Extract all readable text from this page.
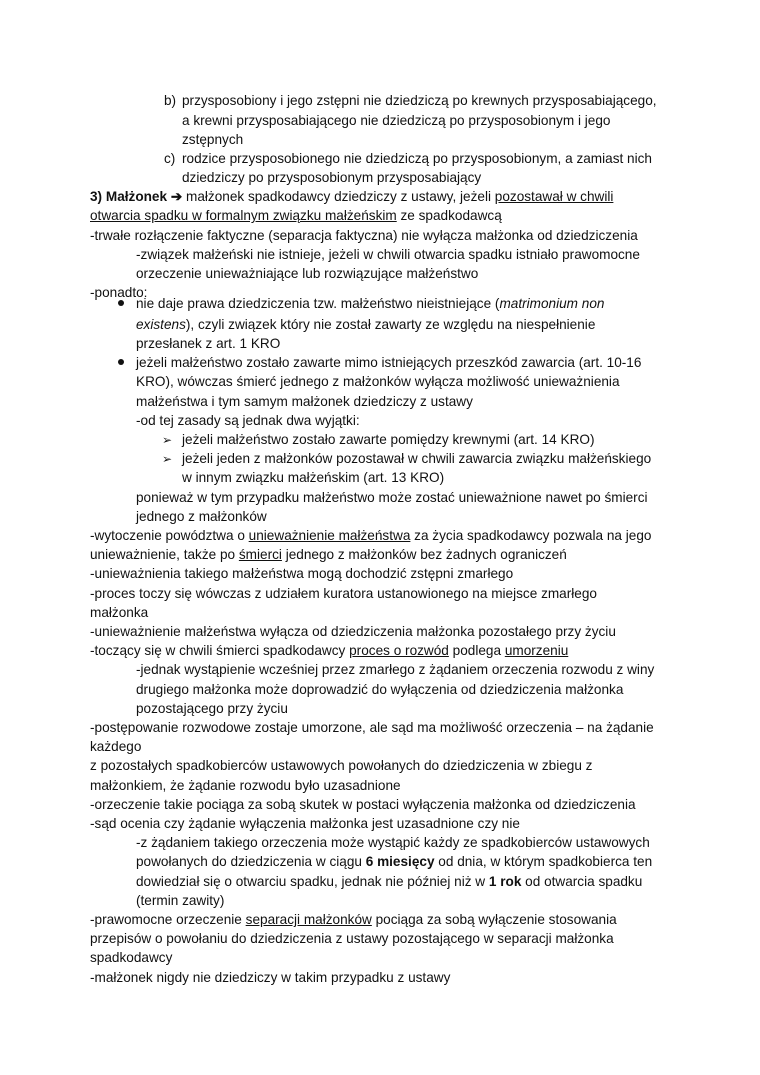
b) przysposobiony i jego zstępni nie dziedziczą po krewnych przysposabiającego,
a krewni przysposabiającego nie dziedziczą po przysposobionym i jego
zstępnych
c) rodzice przysposobionego nie dziedziczą po przysposobionym, a zamiast nich
dziedziczy po przysposobionym przysposabiający
3) Małżonek ➔ małżonek spadkodawcy dziedziczy z ustawy, jeżeli pozostawał w chwili
otwarcia spadku w formalnym związku małżeńskim ze spadkodawcą
-trwałe rozłączenie faktyczne (separacja faktyczna) nie wyłącza małżonka od dziedziczenia
-związek małżeński nie istnieje, jeżeli w chwili otwarcia spadku istniało prawomocne
orzeczenie unieważniające lub rozwiązujące małżeństwo
-ponadto:
nie daje prawa dziedziczenia tzw. małżeństwo nieistniejące (matrimonium non
existens), czyli związek który nie został zawarty ze względu na niespełnienie
przesłanek z art. 1 KRO
jeżeli małżeństwo zostało zawarte mimo istniejących przeszkód zawarcia (art. 10-16
KRO), wówczas śmierć jednego z małżonków wyłącza możliwość unieważnienia
małżeństwa i tym samym małżonek dziedziczy z ustawy
-od tej zasady są jednak dwa wyjątki:
➢ jeżeli małżeństwo zostało zawarte pomiędzy krewnymi (art. 14 KRO)
➢ jeżeli jeden z małżonków pozostawał w chwili zawarcia związku małżeńskiego
w innym związku małżeńskim (art. 13 KRO)
ponieważ w tym przypadku małżeństwo może zostać unieważnione nawet po śmierci
jednego z małżonków
-wytoczenie powództwa o unieważnienie małżeństwa za życia spadkodawcy pozwala na jego
unieważnienie, także po śmierci jednego z małżonków bez żadnych ograniczeń
-unieważnienia takiego małżeństwa mogą dochodzić zstępni zmarłego
-proces toczy się wówczas z udziałem kuratora ustanowionego na miejsce zmarłego
małżonka
-unieważnienie małżeństwa wyłącza od dziedziczenia małżonka pozostałego przy życiu
-toczący się w chwili śmierci spadkodawcy proces o rozwód podlega umorzeniu
-jednak wystąpienie wcześniej przez zmarłego z żądaniem orzeczenia rozwodu z winy
drugiego małżonka może doprowadzić do wyłączenia od dziedziczenia małżonka
pozostającego przy życiu
-postępowanie rozwodowe zostaje umorzone, ale sąd ma możliwość orzeczenia – na żądanie
każdego
z pozostałych spadkobierców ustawowych powołanych do dziedziczenia w zbiegu z
małżonkiem, że żądanie rozwodu było uzasadnione
-orzeczenie takie pociąga za sobą skutek w postaci wyłączenia małżonka od dziedziczenia
-sąd ocenia czy żądanie wyłączenia małżonka jest uzasadnione czy nie
-z żądaniem takiego orzeczenia może wystąpić każdy ze spadkobierców ustawowych
powołanych do dziedziczenia w ciągu 6 miesięcy od dnia, w którym spadkobierca ten
dowiedział się o otwarciu spadku, jednak nie później niż w 1 rok od otwarcia spadku
(termin zawity)
-prawomocne orzeczenie separacji małżonków pociąga za sobą wyłączenie stosowania
przepisów o powołaniu do dziedziczenia z ustawy pozostającego w separacji małżonka
spadkodawcy
-małżonek nigdy nie dziedziczy w takim przypadku z ustawy
